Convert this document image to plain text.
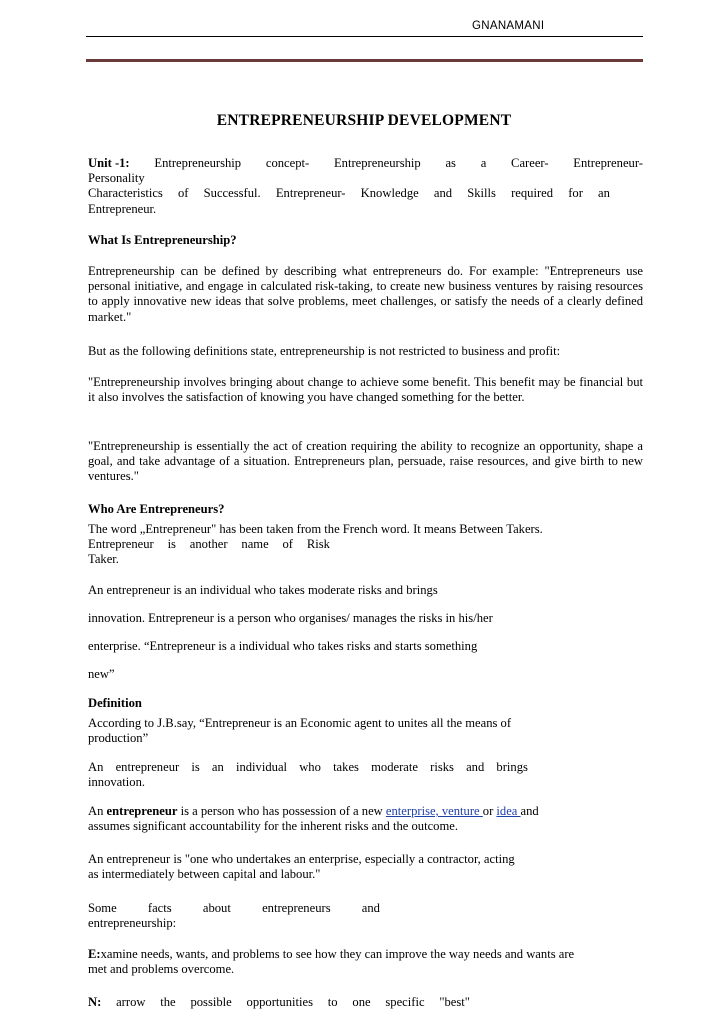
GNANAMANI
ENTREPRENEURSHIP DEVELOPMENT
Unit -1: Entrepreneurship concept- Entrepreneurship as a Career- Entrepreneur-
Personality
Characteristics of Successful. Entrepreneur- Knowledge and Skills required for an
Entrepreneur.
What Is Entrepreneurship?
Entrepreneurship can be defined by describing what entrepreneurs do. For example: "Entrepreneurs use personal initiative, and engage in calculated risk-taking, to create new business ventures by raising resources to apply innovative new ideas that solve problems, meet challenges, or satisfy the needs of a clearly defined market."
But as the following definitions state, entrepreneurship is not restricted to business and profit:
"Entrepreneurship involves bringing about change to achieve some benefit. This benefit may be financial but it also involves the satisfaction of knowing you have changed something for the better.
"Entrepreneurship is essentially the act of creation requiring the ability to recognize an opportunity, shape a goal, and take advantage of a situation. Entrepreneurs plan, persuade, raise resources, and give birth to new ventures."
Who Are Entrepreneurs?
The word „Entrepreneur" has been taken from the French word. It means Between Takers.
Entrepreneur is another name of Risk
Taker.
An entrepreneur is an individual who takes moderate risks and brings
innovation. Entrepreneur is a person who organises/ manages the risks in his/her
enterprise. “Entrepreneur is a individual who takes risks and starts something
new”
Definition
According to J.B.say, “Entrepreneur is an Economic agent to unites all the means of
production”
An entrepreneur is an individual who takes moderate risks and brings
innovation.
An entrepreneur is a person who has possession of a new enterprise, venture or idea and
assumes significant accountability for the inherent risks and the outcome.
An entrepreneur is "one who undertakes an enterprise, especially a contractor, acting
as intermediately between capital and labour."
Some facts about entrepreneurs and
entrepreneurship:
E:xamine needs, wants, and problems to see how they can improve the way needs and wants are
met and problems overcome.
N: arrow the possible opportunities to one specific "best"
